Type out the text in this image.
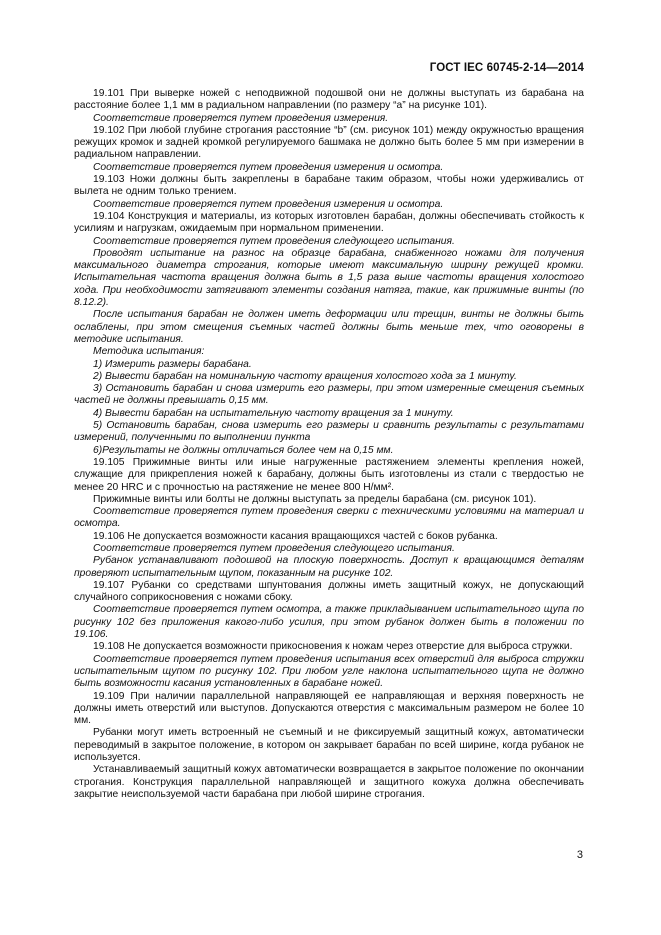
ГОСТ IEC 60745-2-14—2014

19.101 При выверке ножей с неподвижной подошвой они не должны выступать из барабана на расстояние более 1,1 мм в радиальном направлении (по размеру “a” на рисунке 101).

Соответствие проверяется путем проведения измерения.

19.102 При любой глубине строгания расстояние “b” (см. рисунок 101) между окружностью вращения режущих кромок и задней кромкой регулируемого башмака не должно быть более 5 мм при измерении в радиальном направлении.

Соответствие проверяется путем проведения измерения и осмотра.

19.103 Ножи должны быть закреплены в барабане таким образом, чтобы ножи удерживались от вылета не одним только трением.

Соответствие проверяется путем проведения измерения и осмотра.

19.104 Конструкция и материалы, из которых изготовлен барабан, должны обеспечивать стойкость к усилиям и нагрузкам, ожидаемым при нормальном применении.

Соответствие проверяется путем проведения следующего испытания.

Проводят испытание на разнос на образце барабана, снабженного ножами для получения максимального диаметра строгания, которые имеют максимальную ширину режущей кромки. Испытательная частота вращения должна быть в 1,5 раза выше частоты вращения холостого хода. При необходимости затягивают элементы создания натяга, такие, как прижимные винты (по 8.12.2).

После испытания барабан не должен иметь деформации или трещин, винты не должны быть ослаблены, при этом смещения съемных частей должны быть меньше тех, что оговорены в методике испытания.

Методика испытания:

1) Измерить размеры барабана.

2) Вывести барабан на номинальную частоту вращения холостого хода за 1 минуту.

3) Остановить барабан и снова измерить его размеры, при этом измеренные смещения съемных частей не должны превышать 0,15 мм.

4) Вывести барабан на испытательную частоту вращения за 1 минуту.

5) Остановить барабан, снова измерить его размеры и сравнить результаты с результатами измерений, полученными по выполнении пункта

6)Результаты не должны отличаться более чем на 0,15 мм.

19.105 Прижимные винты или иные нагруженные растяжением элементы крепления ножей, служащие для прикрепления ножей к барабану, должны быть изготовлены из стали с твердостью не менее 20 HRC и с прочностью на растяжение не менее 800 Н/мм².

Прижимные винты или болты не должны выступать за пределы барабана (см. рисунок 101).

Соответствие проверяется путем проведения сверки с техническими условиями на материал и осмотра.

19.106 Не допускается возможности касания вращающихся частей с боков рубанка.

Соответствие проверяется путем проведения следующего испытания.

Рубанок устанавливают подошвой на плоскую поверхность. Доступ к вращающимся деталям проверяют испытательным щупом, показанным на рисунке 102.

19.107 Рубанки со средствами шпунтования должны иметь защитный кожух, не допускающий случайного соприкосновения с ножами сбоку.

Соответствие проверяется путем осмотра, а также прикладыванием испытательного щупа по рисунку 102 без приложения какого-либо усилия, при этом рубанок должен быть в положении по 19.106.

19.108 Не допускается возможности прикосновения к ножам через отверстие для выброса стружки.

Соответствие проверяется путем проведения испытания всех отверстий для выброса стружки испытательным щупом по рисунку 102. При любом угле наклона испытательного щупа не должно быть возможности касания установленных в барабане ножей.

19.109 При наличии параллельной направляющей ее направляющая и верхняя поверхность не должны иметь отверстий или выступов. Допускаются отверстия с максимальным размером не более 10 мм.

Рубанки могут иметь встроенный не съемный и не фиксируемый защитный кожух, автоматически переводимый в закрытое положение, в котором он закрывает барабан по всей ширине, когда рубанок не используется.

Устанавливаемый защитный кожух автоматически возвращается в закрытое положение по окончании строгания. Конструкция параллельной направляющей и защитного кожуха должна обеспечивать закрытие неиспользуемой части барабана при любой ширине строгания.

3
